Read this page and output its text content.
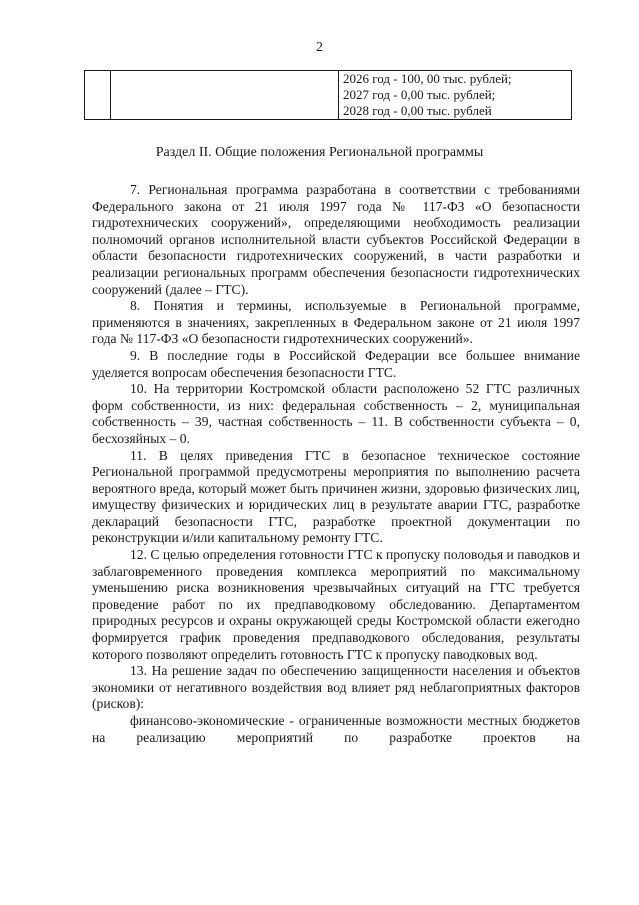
2

2026 год - 100, 00 тыс. рублей;
2027 год - 0,00 тыс. рублей;
2028 год - 0,00 тыс. рублей
Раздел II. Общие положения Региональной программы

7. Региональная программа разработана в соответствии с требованиями Федерального закона от 21 июля 1997 года № 117-ФЗ «О безопасности гидротехнических сооружений», определяющими необходимость реализации полномочий органов исполнительной власти субъектов Российской Федерации в области безопасности гидротехнических сооружений, в части разработки и реализации региональных программ обеспечения безопасности гидротехнических сооружений (далее – ГТС).

8. Понятия и термины, используемые в Региональной программе, применяются в значениях, закрепленных в Федеральном законе от 21 июля 1997 года № 117-ФЗ «О безопасности гидротехнических сооружений».

9. В последние годы в Российской Федерации все большее внимание уделяется вопросам обеспечения безопасности ГТС.

10. На территории Костромской области расположено 52 ГТС различных форм собственности, из них: федеральная собственность – 2, муниципальная собственность – 39, частная собственность – 11. В собственности субъекта – 0, бесхозяйных – 0.

11. В целях приведения ГТС в безопасное техническое состояние Региональной программой предусмотрены мероприятия по выполнению расчета вероятного вреда, который может быть причинен жизни, здоровью физических лиц, имуществу физических и юридических лиц в результате аварии ГТС, разработке деклараций безопасности ГТС, разработке проектной документации по реконструкции и/или капитальному ремонту ГТС.

12. С целью определения готовности ГТС к пропуску половодья и паводков и заблаговременного проведения комплекса мероприятий по максимальному уменьшению риска возникновения чрезвычайных ситуаций на ГТС требуется проведение работ по их предпаводковому обследованию. Департаментом природных ресурсов и охраны окружающей среды Костромской области ежегодно формируется график проведения предпаводкового обследования, результаты которого позволяют определить готовность ГТС к пропуску паводковых вод.

13. На решение задач по обеспечению защищенности населения и объектов экономики от негативного воздействия вод влияет ряд неблагоприятных факторов (рисков):

финансово-экономические - ограниченные возможности местных бюджетов на реализацию мероприятий по разработке проектов на
